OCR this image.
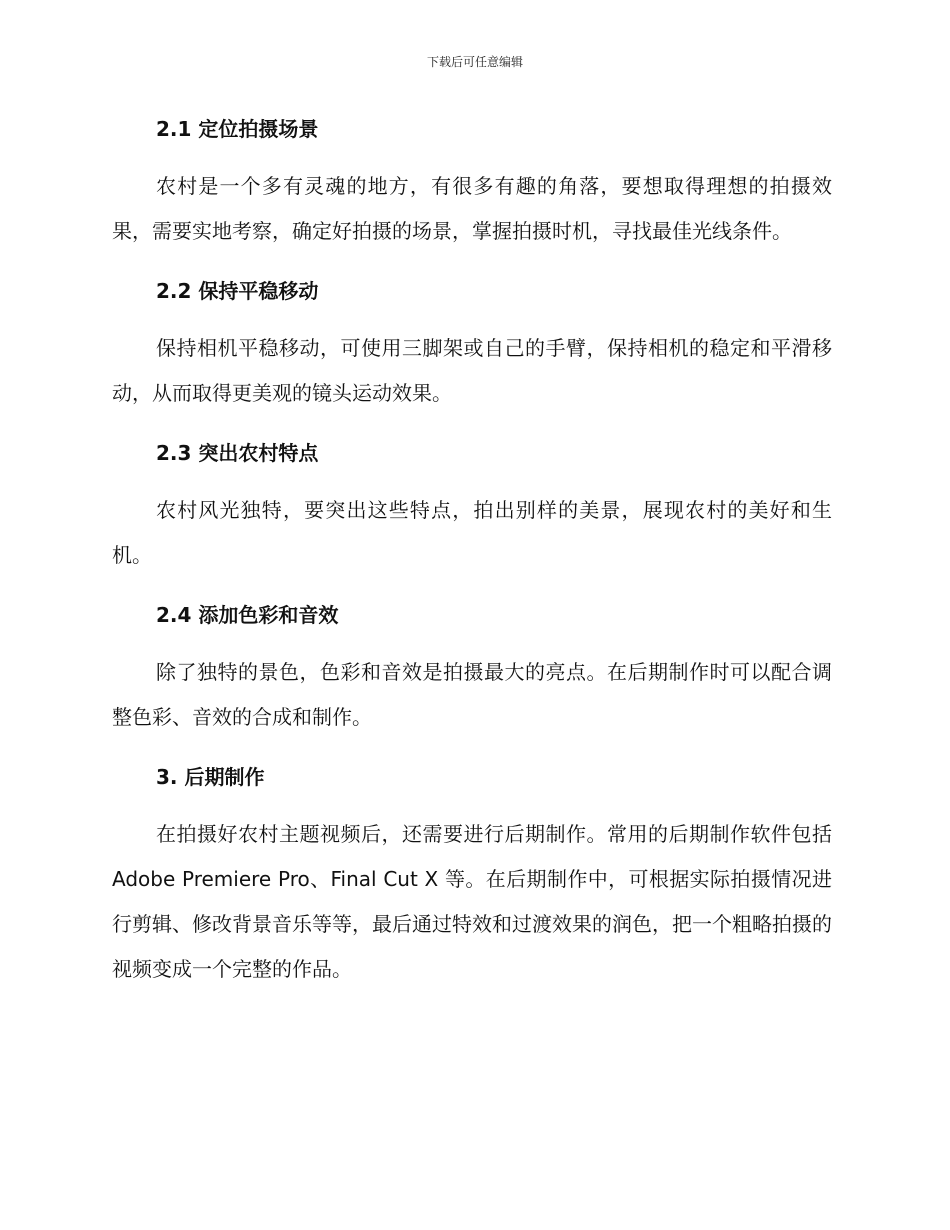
下载后可任意编辑
2.1 定位拍摄场景

农村是一个多有灵魂的地方，有很多有趣的角落，要想取得理想的拍摄效果，需要实地考察，确定好拍摄的场景，掌握拍摄时机，寻找最佳光线条件。

2.2 保持平稳移动

保持相机平稳移动，可使用三脚架或自己的手臂，保持相机的稳定和平滑移动，从而取得更美观的镜头运动效果。

2.3 突出农村特点

农村风光独特，要突出这些特点，拍出别样的美景，展现农村的美好和生机。

2.4 添加色彩和音效

除了独特的景色，色彩和音效是拍摄最大的亮点。在后期制作时可以配合调整色彩、音效的合成和制作。

3. 后期制作

在拍摄好农村主题视频后，还需要进行后期制作。常用的后期制作软件包括 Adobe Premiere Pro、Final Cut X 等。在后期制作中，可根据实际拍摄情况进行剪辑、修改背景音乐等等，最后通过特效和过渡效果的润色，把一个粗略拍摄的视频变成一个完整的作品。
